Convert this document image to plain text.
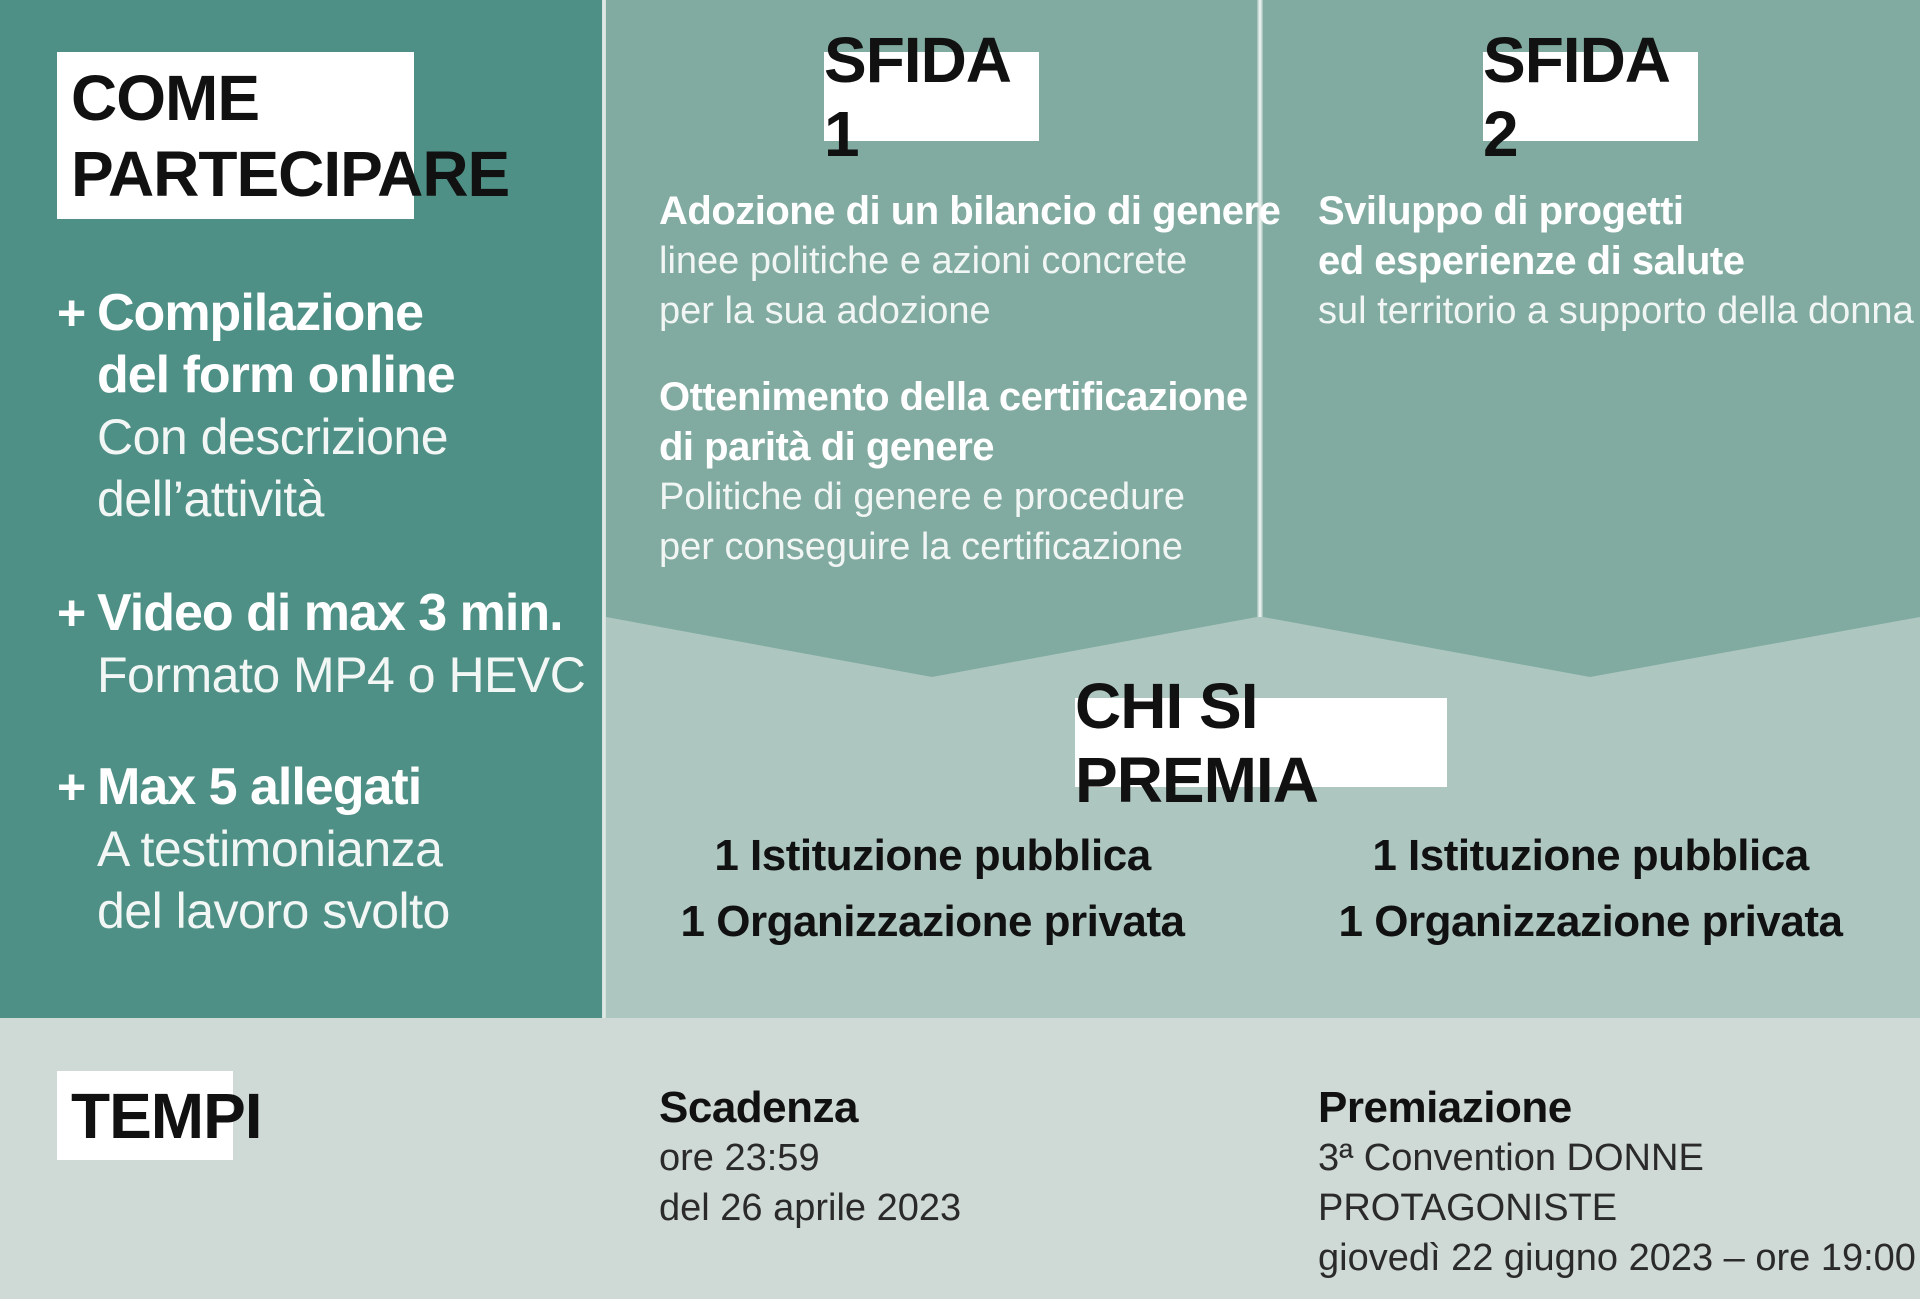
COME
PARTECIPARE
+ Compilazione
del form online
Con descrizione
dell’attività
+ Video di max 3 min.
Formato MP4 o HEVC
+ Max 5 allegati
A testimonianza
del lavoro svolto
SFIDA 1
Adozione di un bilancio di genere
linee politiche e azioni concrete
per la sua adozione
Ottenimento della certificazione
di parità di genere
Politiche di genere e procedure
per conseguire la certificazione
SFIDA 2
Sviluppo di progetti
ed esperienze di salute
sul territorio a supporto della donna
CHI SI PREMIA
1 Istituzione pubblica
1 Organizzazione privata
1 Istituzione pubblica
1 Organizzazione privata
TEMPI	Scadenza
ore 23:59
del 26 aprile 2023
Premiazione
3ª Convention DONNE PROTAGONISTE
giovedì 22 giugno 2023 – ore 19:00
